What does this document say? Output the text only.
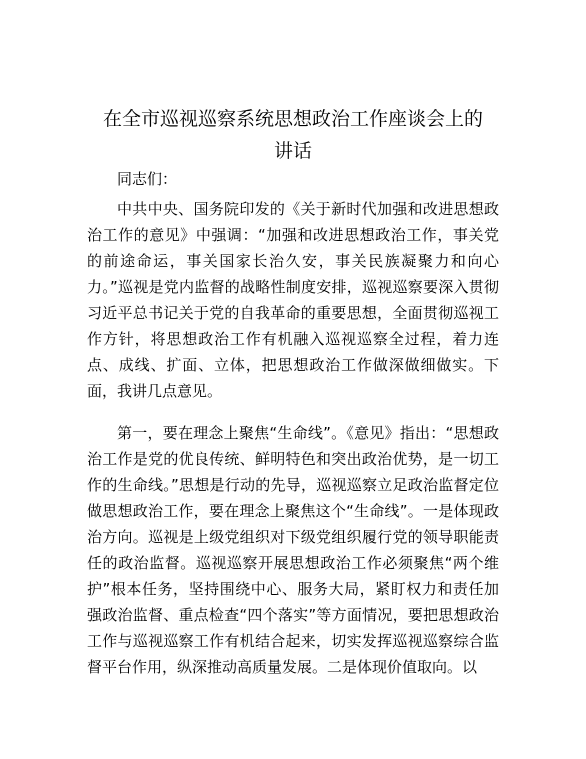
在全市巡视巡察系统思想政治工作座谈会上的
讲话

同志们：

中共中央、国务院印发的《关于新时代加强和改进思想政治工作的意见》中强调：“加强和改进思想政治工作，事关党的前途命运，事关国家长治久安，事关民族凝聚力和向心力。”巡视是党内监督的战略性制度安排，巡视巡察要深入贯彻习近平总书记关于党的自我革命的重要思想，全面贯彻巡视工作方针，将思想政治工作有机融入巡视巡察全过程，着力连点、成线、扩面、立体，把思想政治工作做深做细做实。下面，我讲几点意见。

第一，要在理念上聚焦“生命线”。《意见》指出：“思想政治工作是党的优良传统、鲜明特色和突出政治优势，是一切工作的生命线。”思想是行动的先导，巡视巡察立足政治监督定位做思想政治工作，要在理念上聚焦这个“生命线”。一是体现政治方向。巡视是上级党组织对下级党组织履行党的领导职能责任的政治监督。巡视巡察开展思想政治工作必须聚焦“两个维护”根本任务，坚持围绕中心、服务大局，紧盯权力和责任加强政治监督、重点检查“四个落实”等方面情况，要把思想政治工作与巡视巡察工作有机结合起来，切实发挥巡视巡察综合监督平台作用，纵深推动高质量发展。二是体现价值取向。以
